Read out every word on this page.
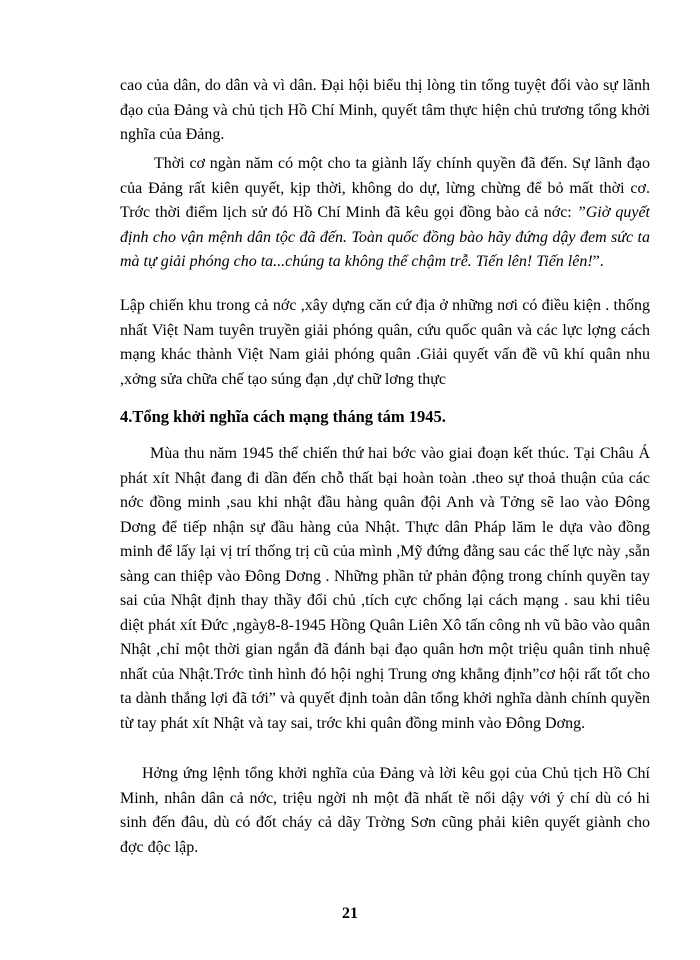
cao của dân, do dân và vì dân. Đại hội biểu thị lòng tin tổng tuyệt đối vào sự lãnh đạo của Đảng và chủ tịch Hồ Chí Minh, quyết tâm thực hiện chủ trương tổng khởi nghĩa của Đảng.

Thời cơ ngàn năm có một cho ta giành lấy chính quyền đã đến. Sự lãnh đạo của Đảng rất kiên quyết, kịp thời, không do dự, lừng chừng để bỏ mất thời cơ. Trớc thời điểm lịch sử đó Hồ Chí Minh đã kêu gọi đồng bào cả nớc: ”Giờ quyết định cho vận mệnh dân tộc đã đến. Toàn quốc đồng bào hãy đứng dậy đem sức ta mà tự giải phóng cho ta...chúng ta không thể chậm trễ. Tiến lên! Tiến lên!”.

Lập chiến khu trong cả nớc ,xây dựng căn cứ địa ở những nơi có điều kiện . thống nhất Việt Nam tuyên truyền giải phóng quân, cứu quốc quân và các lực lợng cách mạng khác thành Việt Nam giải phóng quân .Giải quyết vấn đề vũ khí quân nhu ,xởng sửa chữa chế tạo súng đạn ,dự chữ lơng thực

4.Tổng khởi nghĩa cách mạng tháng tám 1945.

Mùa thu năm 1945 thế chiến thứ hai bớc vào giai đoạn kết thúc. Tại Châu Á phát xít Nhật đang đi dần đến chỗ thất bại hoàn toàn .theo sự thoả thuận của các nớc đồng minh ,sau khi nhật đầu hàng quân đội Anh và Tởng sẽ lao vào Đông Dơng để tiếp nhận sự đầu hàng của Nhật. Thực dân Pháp lăm le dựa vào đồng minh để lấy lại vị trí thống trị cũ của mình ,Mỹ đứng đằng sau các thế lực này ,sẵn sàng can thiệp vào Đông Dơng . Những phần tử phản động trong chính quyền tay sai của Nhật định thay thầy đổi chủ ,tích cực chống lại cách mạng . sau khi tiêu diệt phát xít Đức ,ngày8-8-1945 Hồng Quân Liên Xô tấn công nh vũ bão vào quân Nhật ,chỉ một thời gian ngắn đã đánh bại đạo quân hơn một triệu quân tinh nhuệ nhất của Nhật.Trớc tình hình đó hội nghị Trung ơng khẳng định”cơ hội rất tốt cho ta dành thắng lợi đã tới” và quyết định toàn dân tổng khởi nghĩa dành chính quyền từ tay phát xít Nhật và tay sai, trớc khi quân đồng minh vào Đông Dơng.

Hởng ứng lệnh tổng khởi nghĩa của Đảng và lời kêu gọi của Chủ tịch Hồ Chí Minh, nhân dân cả nớc, triệu ngời nh một đã nhất tề nổi dậy với ý chí dù có hi sinh đến đâu, dù có đốt cháy cả dãy Trờng Sơn cũng phải kiên quyết giành cho đợc độc lập.

21
